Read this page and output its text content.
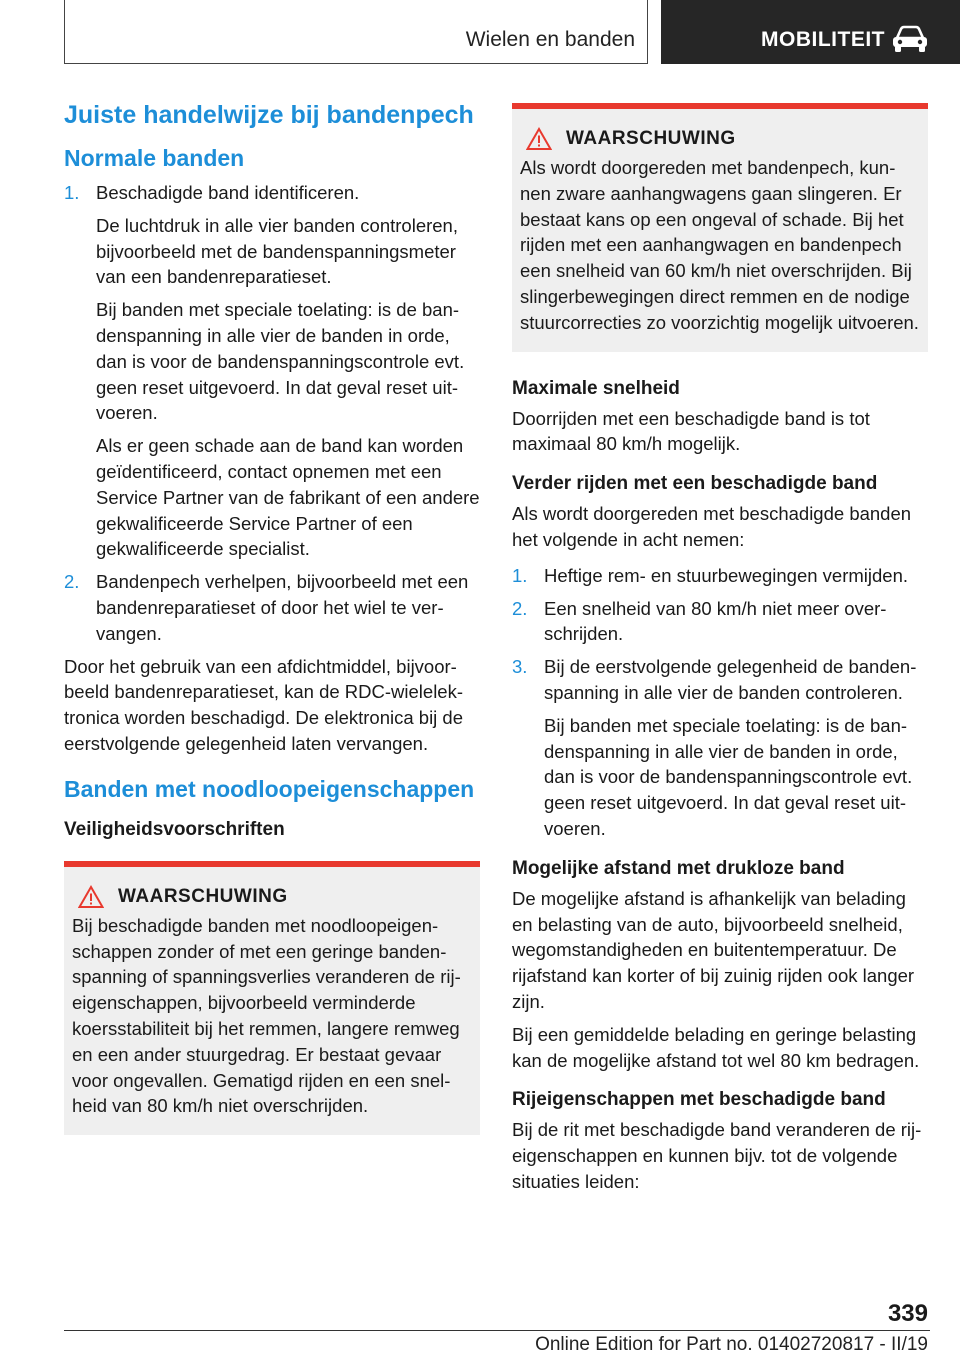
Wielen en banden	MOBILITEIT
Juiste handelwijze bij bandenpech
Normale banden
1. Beschadigde band identificeren.

De luchtdruk in alle vier banden controleren, bijvoorbeeld met de bandenspanningsmeter van een bandenreparatieset.

Bij banden met speciale toelating: is de bandenspanning in alle vier de banden in orde, dan is voor de bandenspanningscontrole evt. geen reset uitgevoerd. In dat geval reset uitvoeren.

Als er geen schade aan de band kan worden geïdentificeerd, contact opnemen met een Service Partner van de fabrikant of een andere gekwalificeerde Service Partner of een gekwalificeerde specialist.

2. Bandenpech verhelpen, bijvoorbeeld met een bandenreparatieset of door het wiel te vervangen.

Door het gebruik van een afdichtmiddel, bijvoorbeeld bandenreparatieset, kan de RDC-wielelektronica worden beschadigd. De elektronica bij de eerstvolgende gelegenheid laten vervangen.

Banden met noodloopeigenschappen
Veiligheidsvoorschriften
WAARSCHUWING

Bij beschadigde banden met noodloopeigenschappen zonder of met een geringe bandenspanning of spanningsverlies veranderen de rijeigenschappen, bijvoorbeeld verminderde koersstabiliteit bij het remmen, langere remweg en een ander stuurgedrag. Er bestaat gevaar voor ongevallen. Gematigd rijden en een snelheid van 80 km/h niet overschrijden.

WAARSCHUWING

Als wordt doorgereden met bandenpech, kunnen zware aanhangwagens gaan slingeren. Er bestaat kans op een ongeval of schade. Bij het rijden met een aanhangwagen en bandenpech een snelheid van 60 km/h niet overschrijden. Bij slingerbewegingen direct remmen en de nodige stuurcorrecties zo voorzichtig mogelijk uitvoeren.

Maximale snelheid

Doorrijden met een beschadigde band is tot maximaal 80 km/h mogelijk.

Verder rijden met een beschadigde band

Als wordt doorgereden met beschadigde banden het volgende in acht nemen:

1. Heftige rem- en stuurbewegingen vermijden.

2. Een snelheid van 80 km/h niet meer overschrijden.

3. Bij de eerstvolgende gelegenheid de bandenspanning in alle vier de banden controleren.

Bij banden met speciale toelating: is de bandenspanning in alle vier de banden in orde, dan is voor de bandenspanningscontrole evt. geen reset uitgevoerd. In dat geval reset uitvoeren.

Mogelijke afstand met drukloze band

De mogelijke afstand is afhankelijk van belading en belasting van de auto, bijvoorbeeld snelheid, wegomstandigheden en buitentemperatuur. De rijafstand kan korter of bij zuinig rijden ook langer zijn.

Bij een gemiddelde belading en geringe belasting kan de mogelijke afstand tot wel 80 km bedragen.

Rijeigenschappen met beschadigde band

Bij de rit met beschadigde band veranderen de rij-eigenschappen en kunnen bijv. tot de volgende situaties leiden:

339
Online Edition for Part no. 01402720817 - II/19
